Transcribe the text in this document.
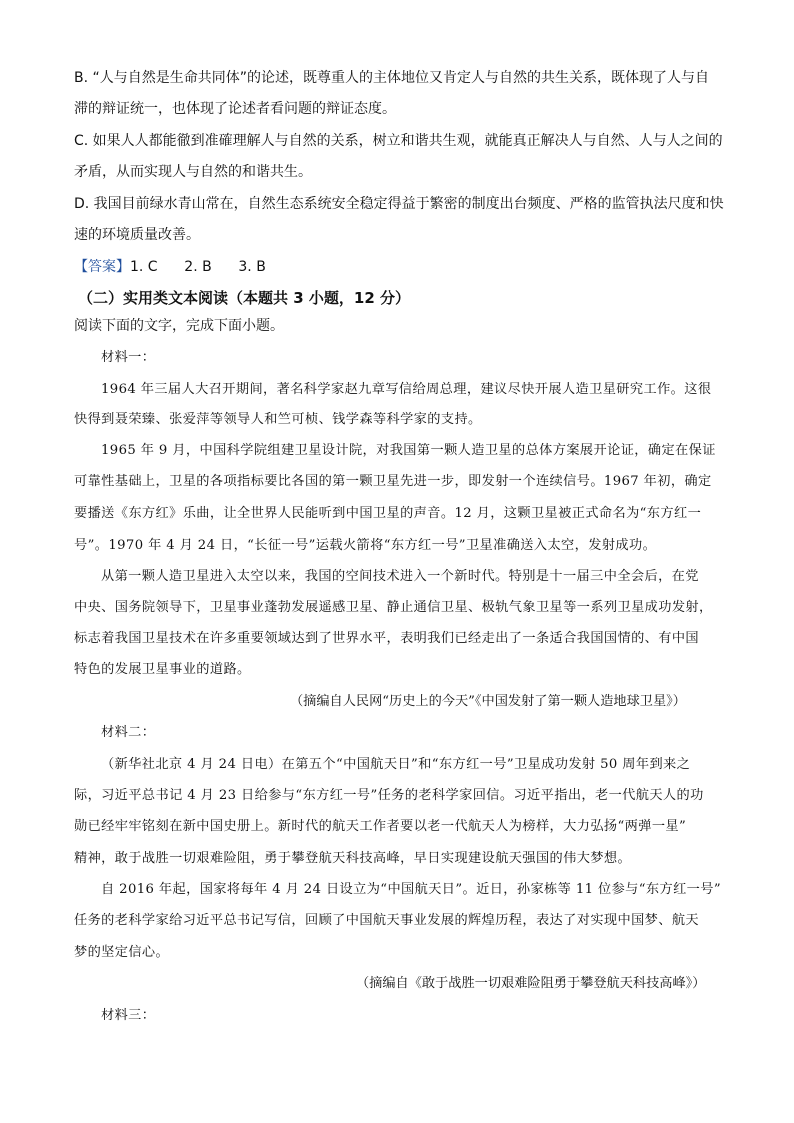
B. “人与自然是生命共同体”的论述，既尊重人的主体地位又肯定人与自然的共生关系，既体现了人与自
滞的辩证统一，也体现了论述者看问题的辩证态度。
C. 如果人人都能徹到准確理解人与自然的关系，树立和谐共生观，就能真正解决人与自然、人与人之间的
矛盾，从而实现人与自然的和谐共生。
D. 我国目前绿水青山常在，自然生态系统安全稳定得益于繁密的制度出台频度、严格的监管执法尺度和快
速的环境质量改善。
【答案】1. C      2. B      3. B
（二）实用类文本阅读（本题共 3 小题，12 分）
阅读下面的文字，完成下面小题。
材料一：
1964 年三届人大召开期间，著名科学家赵九章写信给周总理，建议尽快开展人造卫星研究工作。这很
快得到聂荣臻、张爱萍等领导人和竺可桢、钱学森等科学家的支持。
1965 年 9 月，中国科学院组建卫星设计院，对我国第一颗人造卫星的总体方案展开论证，确定在保证
可靠性基础上，卫星的各项指标要比各国的第一颗卫星先进一步，即发射一个连续信号。1967 年初，确定
要播送《东方红》乐曲，让全世界人民能听到中国卫星的声音。12 月，这颗卫星被正式命名为“东方红一
号”。1970 年 4 月 24 日，“长征一号”运载火箭将“东方红一号”卫星准确送入太空，发射成功。
从第一颗人造卫星进入太空以来，我国的空间技术进入一个新时代。特别是十一届三中全会后，在党
中央、国务院领导下，卫星事业蓬勃发展遥感卫星、静止通信卫星、极轨气象卫星等一系列卫星成功发射，
标志着我国卫星技术在许多重要领域达到了世界水平，表明我们已经走出了一条适合我国国情的、有中国
特色的发展卫星事业的道路。
（摘编自人民网“历史上的今天”《中国发射了第一颗人造地球卫星》）
材料二：
（新华社北京 4 月 24 日电）在第五个“中国航天日”和“东方红一号”卫星成功发射 50 周年到来之
际，习近平总书记 4 月 23 日给参与“东方红一号”任务的老科学家回信。习近平指出，老一代航天人的功
勋已经牢牢铭刻在新中国史册上。新时代的航天工作者要以老一代航天人为榜样，大力弘扬“两弹一星”
精神，敢于战胜一切艰难险阻，勇于攀登航天科技高峰，早日实现建设航天强国的伟大梦想。
自 2016 年起，国家将每年 4 月 24 日设立为“中国航天日”。近日，孙家栋等 11 位参与“东方红一号”
任务的老科学家给习近平总书记写信，回顾了中国航天事业发展的辉煌历程，表达了对实现中国梦、航天
梦的坚定信心。
（摘编自《敢于战胜一切艰难险阻勇于攀登航天科技高峰》）
材料三：
